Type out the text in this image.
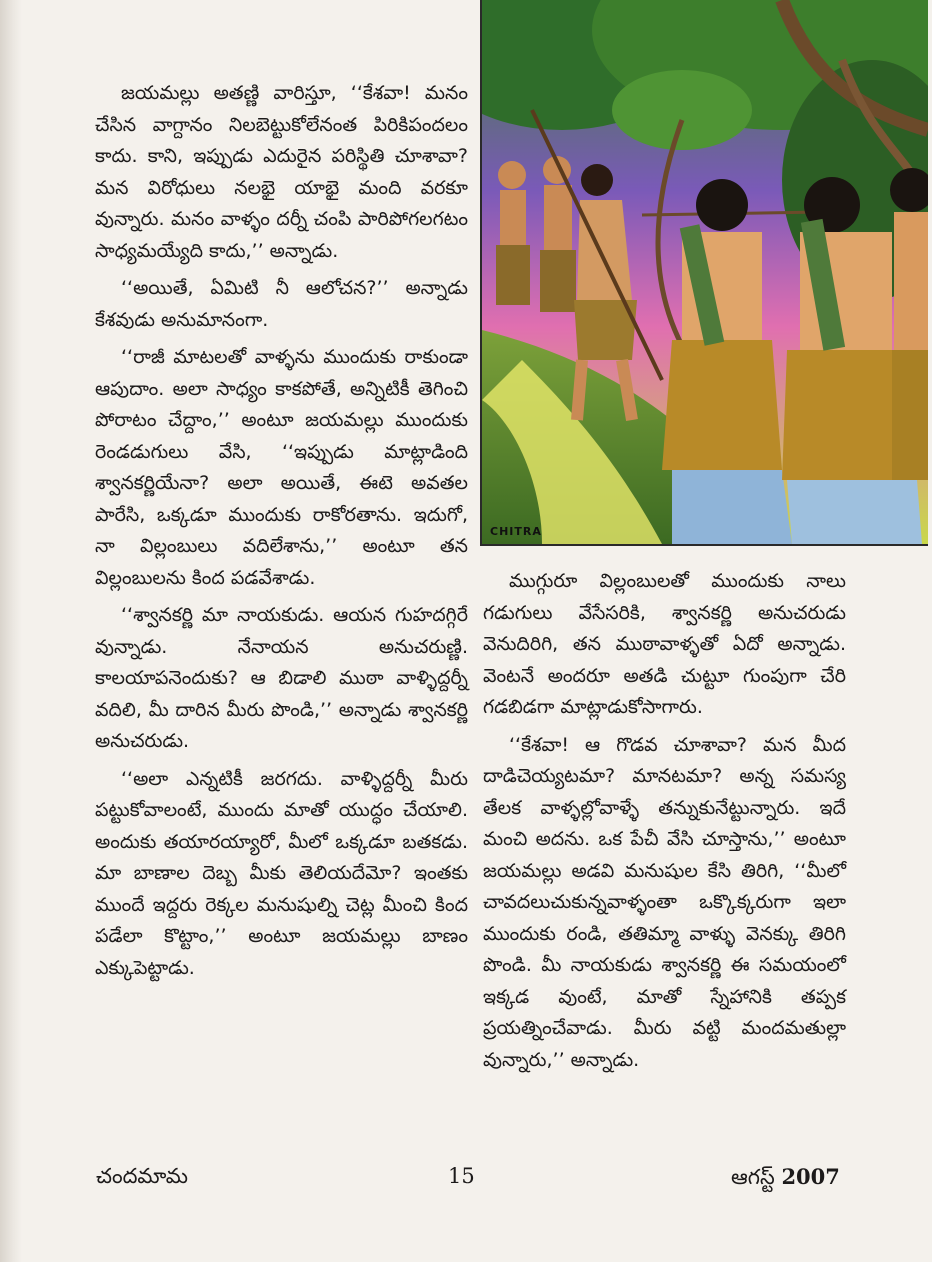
జయమల్లు అతణ్ణి వారిస్తూ, ‘‘కేశవా! మనం చేసిన వాగ్దానం నిలబెట్టుకోలేనంత పిరికిపందలం కాదు. కాని, ఇప్పుడు ఎదురైన పరిస్థితి చూశావా? మన విరోధులు నలభై యాభై మంది వరకూ వున్నారు. మనం వాళ్ళం దర్నీ చంపి పారిపోగలగటం సాధ్యమయ్యేది కాదు,’’ అన్నాడు.

‘‘అయితే, ఏమిటి నీ ఆలోచన?’’ అన్నాడు కేశవుడు అనుమానంగా.

‘‘రాజీ మాటలతో వాళ్ళను ముందుకు రాకుండా ఆపుదాం. అలా సాధ్యం కాకపోతే, అన్నిటికీ తెగించి పోరాటం చేద్దాం,’’ అంటూ జయమల్లు ముందుకు రెండడుగులు వేసి, ‘‘ఇప్పుడు మాట్లాడింది శ్వానకర్ణియేనా? అలా అయితే, ఈటె అవతల పారేసి, ఒక్కడూ ముందుకు రాకోరతాను. ఇదుగో, నా విల్లంబులు వదిలేశాను,’’ అంటూ తన విల్లంబులను కింద పడవేశాడు.

‘‘శ్వానకర్ణి మా నాయకుడు. ఆయన గుహదగ్గిరే వున్నాడు. నేనాయన అనుచరుణ్ణి. కాలయాపనెందుకు? ఆ బిడాలి ముఠా వాళ్ళిద్దర్నీ వదిలి, మీ దారిన మీరు పొండి,’’ అన్నాడు శ్వానకర్ణి అనుచరుడు.

‘‘అలా ఎన్నటికీ జరగదు. వాళ్ళిద్దర్నీ మీరు పట్టుకోవాలంటే, ముందు మాతో యుద్ధం చేయాలి. అందుకు తయారయ్యారో, మీలో ఒక్కడూ బతకడు. మా బాణాల దెబ్బ మీకు తెలియదేమో? ఇంతకు ముందే ఇద్దరు రెక్కల మనుషుల్ని చెట్ల మీంచి కింద పడేలా కొట్టాం,’’ అంటూ జయమల్లు బాణం ఎక్కుపెట్టాడు.

CHITRA

ముగ్గురూ విల్లంబులతో ముందుకు నాలు గడుగులు వేసేసరికి, శ్వానకర్ణి అనుచరుడు వెనుదిరిగి, తన ముఠావాళ్ళతో ఏదో అన్నాడు. వెంటనే అందరూ అతడి చుట్టూ గుంపుగా చేరి గడబిడగా మాట్లాడుకోసాగారు.

‘‘కేశవా! ఆ గొడవ చూశావా? మన మీద దాడిచెయ్యటమా? మానటమా? అన్న సమస్య తేలక వాళ్ళల్లోవాళ్ళే తన్నుకునేట్టున్నారు. ఇదే మంచి అదను. ఒక పేచీ వేసి చూస్తాను,’’ అంటూ జయమల్లు అడవి మనుషుల కేసి తిరిగి, ‘‘మీలో చావదలుచుకున్నవాళ్ళంతా ఒక్కొక్కరుగా ఇలా ముందుకు రండి, తతిమ్మా వాళ్ళు వెనక్కు తిరిగి పొండి. మీ నాయకుడు శ్వానకర్ణి ఈ సమయంలో ఇక్కడ వుంటే, మాతో స్నేహానికి తప్పక ప్రయత్నించేవాడు. మీరు వట్టి మందమతుల్లా వున్నారు,’’ అన్నాడు.

చందమామ	15	ఆగస్ట్ 2007
